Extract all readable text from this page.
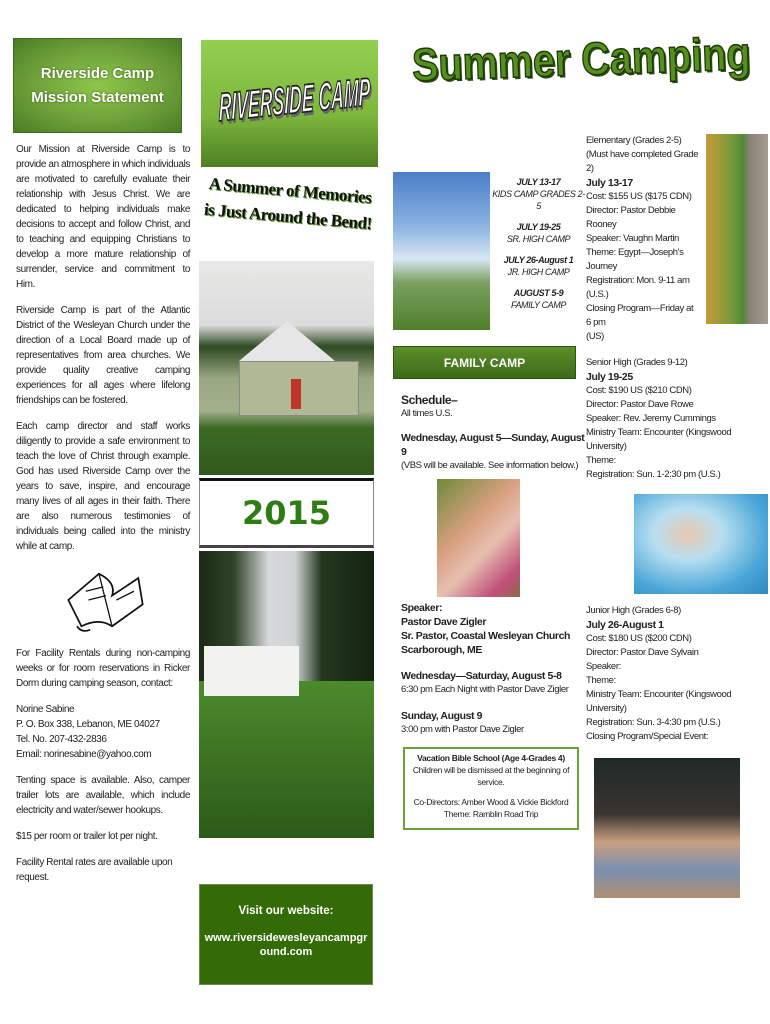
Riverside Camp
Mission Statement

Our Mission at Riverside Camp is to provide an atmosphere in which individuals are motivated to carefully evaluate their relationship with Jesus Christ. We are dedicated to helping individuals make decisions to accept and follow Christ, and to teaching and equipping Christians to develop a more mature relationship of surrender, service and commitment to Him.

Riverside Camp is part of the Atlantic District of the Wesleyan Church under the direction of a Local Board made up of representatives from area churches. We provide quality creative camping experiences for all ages where lifelong friendships can be fostered.

Each camp director and staff works diligently to provide a safe environment to teach the love of Christ through example. God has used Riverside Camp over the years to save, inspire, and encourage many lives of all ages in their faith. There are also numerous testimonies of individuals being called into the ministry while at camp.

For Facility Rentals during non-camping weeks or for room reservations in Ricker Dorm during camping season, contact:

Norine Sabine
P. O. Box 338, Lebanon, ME 04027
Tel. No. 207-432-2836
Email: norinesabine@yahoo.com

Tenting space is available. Also, camper trailer lots are available, which include electricity and water/sewer hookups.

$15 per room or trailer lot per night.

Facility Rental rates are available upon request.

RIVERSIDE CAMP
A Summer of Memories
is Just Around the Bend!
2015
Visit our website:
www.riversidewesleyancampground.com
Summer Camping
JULY 13-17
KIDS CAMP GRADES 2-5
JULY 19-25
SR. HIGH CAMP
JULY 26-August 1
JR. HIGH CAMP
AUGUST 5-9
FAMILY CAMP
FAMILY CAMP
Schedule–
All times U.S.
Wednesday, August 5—Sunday, August 9
(VBS will be available. See information below.)
Speaker:
Pastor Dave Zigler
Sr. Pastor, Coastal Wesleyan Church
Scarborough, ME
Wednesday—Saturday, August 5-8
6:30 pm Each Night with Pastor Dave Zigler
Sunday, August 9
3:00 pm with Pastor Dave Zigler
Vacation Bible School (Age 4-Grades 4)
Children will be dismissed at the beginning of service.
Co-Directors: Amber Wood & Vickie Bickford
Theme: Ramblin Road Trip
Elementary (Grades 2-5)
(Must have completed Grade 2)
July 13-17
Cost: $155 US ($175 CDN)
Director: Pastor Debbie Rooney
Speaker: Vaughn Martin
Theme: Egypt—Joseph's Journey
Registration: Mon. 9-11 am (U.S.)
Closing Program—Friday at 6 pm
(US)
Senior High (Grades 9-12)
July 19-25
Cost: $190 US ($210 CDN)
Director: Pastor Dave Rowe
Speaker: Rev. Jeremy Cummings
Ministry Team: Encounter (Kingswood University)
Theme:
Registration: Sun. 1-2:30 pm (U.S.)
Junior High (Grades 6-8)
July 26-August 1
Cost: $180 US ($200 CDN)
Director: Pastor Dave Sylvain
Speaker:
Theme:
Ministry Team: Encounter (Kingswood University)
Registration: Sun. 3-4:30 pm (U.S.)
Closing Program/Special Event:
